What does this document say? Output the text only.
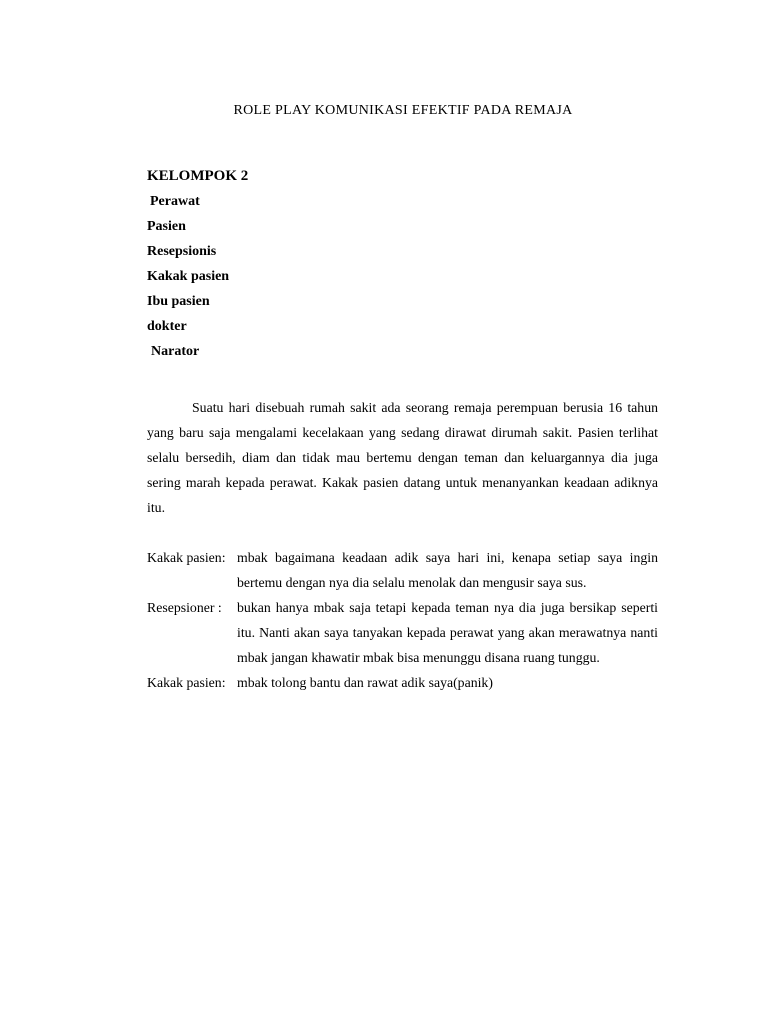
ROLE PLAY KOMUNIKASI EFEKTIF PADA REMAJA
KELOMPOK 2
Perawat
Pasien
Resepsionis
Kakak pasien
Ibu pasien
dokter
Narator

Suatu hari disebuah rumah sakit ada seorang remaja perempuan berusia 16 tahun yang baru saja mengalami kecelakaan yang sedang dirawat dirumah sakit. Pasien terlihat selalu bersedih, diam dan tidak mau bertemu dengan teman dan keluargannya dia juga sering marah kepada perawat. Kakak pasien datang untuk menanyankan keadaan adiknya itu.

Kakak pasien: mbak bagaimana keadaan adik saya hari ini, kenapa setiap saya ingin bertemu dengan nya dia selalu menolak dan mengusir saya sus.
Resepsioner : bukan hanya mbak saja tetapi kepada teman nya dia juga bersikap seperti itu. Nanti akan saya tanyakan kepada perawat yang akan merawatnya nanti mbak jangan khawatir mbak bisa menunggu disana ruang tunggu.
Kakak pasien: mbak tolong bantu dan rawat adik saya(panik)
